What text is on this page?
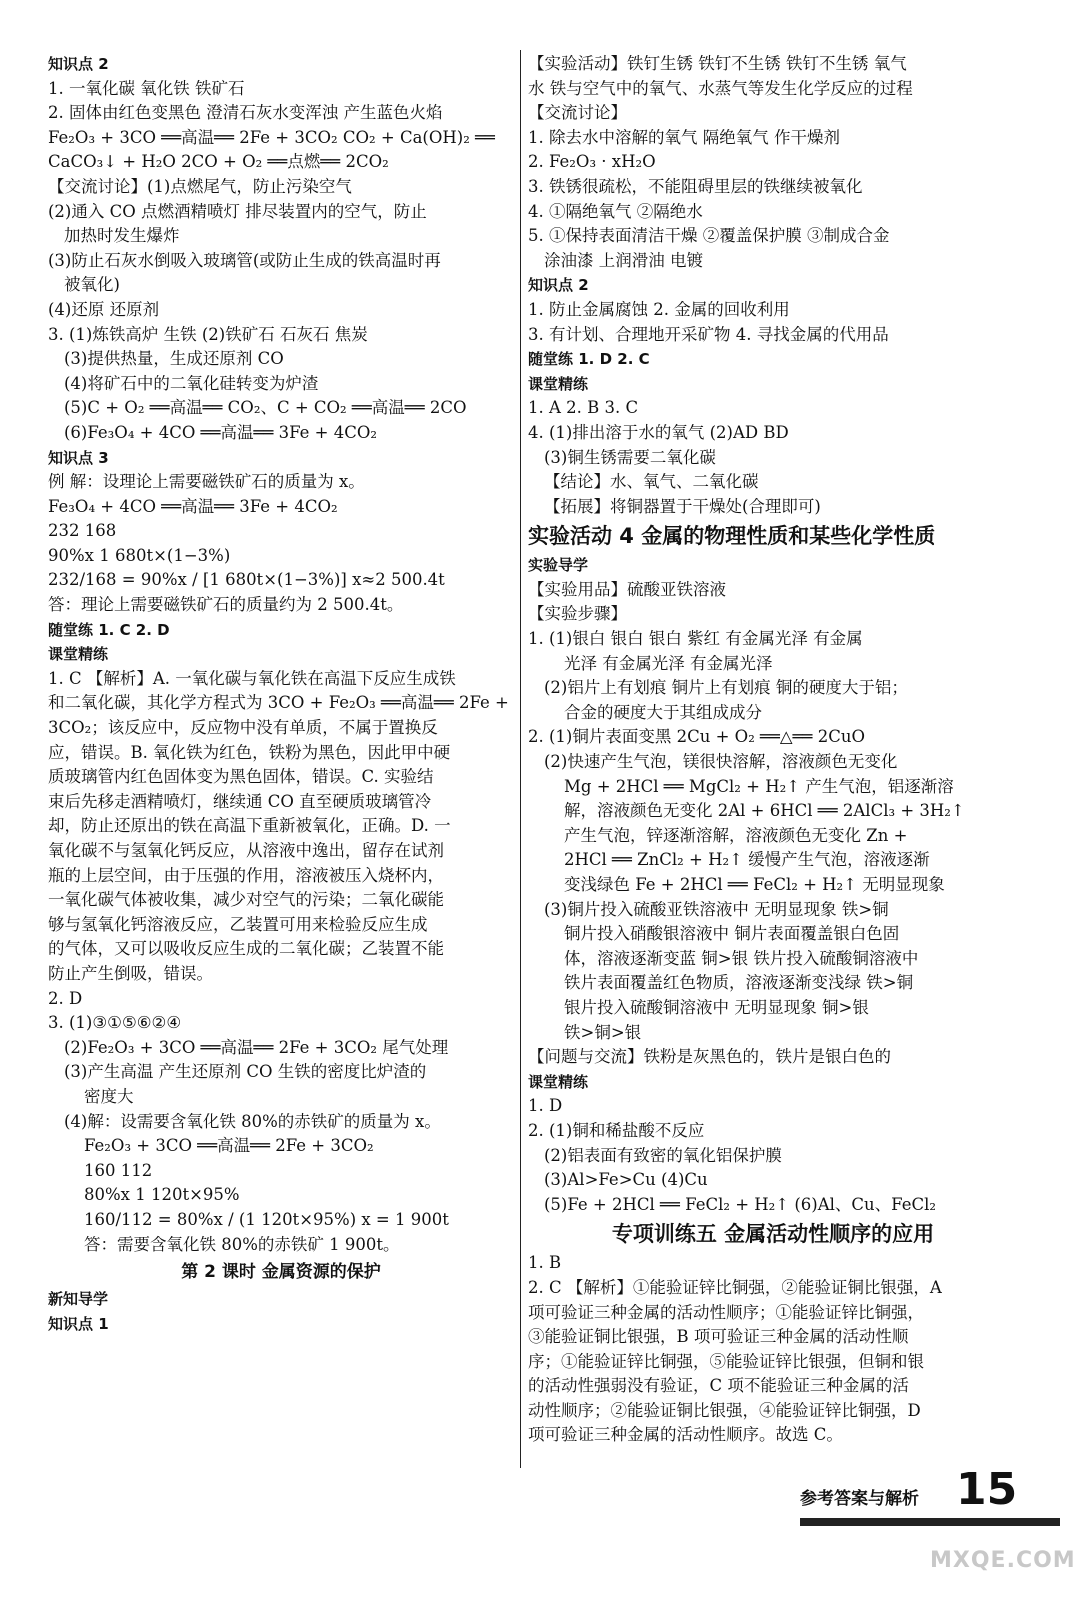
知识点 2
1. 一氧化碳 氧化铁 铁矿石
2. 固体由红色变黑色 澄清石灰水变浑浊 产生蓝色火焰
Fe₂O₃ + 3CO ══高温══ 2Fe + 3CO₂ CO₂ + Ca(OH)₂ ══
CaCO₃↓ + H₂O 2CO + O₂ ══点燃══ 2CO₂
【交流讨论】(1)点燃尾气，防止污染空气
(2)通入 CO 点燃酒精喷灯 排尽装置内的空气，防止
加热时发生爆炸
(3)防止石灰水倒吸入玻璃管(或防止生成的铁高温时再
被氧化)
(4)还原 还原剂
3. (1)炼铁高炉 生铁 (2)铁矿石 石灰石 焦炭
(3)提供热量，生成还原剂 CO
(4)将矿石中的二氧化硅转变为炉渣
(5)C + O₂ ══高温══ CO₂、C + CO₂ ══高温══ 2CO
(6)Fe₃O₄ + 4CO ══高温══ 3Fe + 4CO₂
知识点 3
例 解：设理论上需要磁铁矿石的质量为 x。
Fe₃O₄ + 4CO ══高温══ 3Fe + 4CO₂
232 168
90%x 1 680t×(1−3%)
232/168 = 90%x / [1 680t×(1−3%)] x≈2 500.4t
答：理论上需要磁铁矿石的质量约为 2 500.4t。
随堂练 1. C 2. D
课堂精练
1. C 【解析】A. 一氧化碳与氧化铁在高温下反应生成铁
和二氧化碳，其化学方程式为 3CO + Fe₂O₃ ══高温══ 2Fe +
3CO₂；该反应中，反应物中没有单质，不属于置换反
应，错误。B. 氧化铁为红色，铁粉为黑色，因此甲中硬
质玻璃管内红色固体变为黑色固体，错误。C. 实验结
束后先移走酒精喷灯，继续通 CO 直至硬质玻璃管冷
却，防止还原出的铁在高温下重新被氧化，正确。D. 一
氧化碳不与氢氧化钙反应，从溶液中逸出，留存在试剂
瓶的上层空间，由于压强的作用，溶液被压入烧杯内，
一氧化碳气体被收集，减少对空气的污染；二氧化碳能
够与氢氧化钙溶液反应，乙装置可用来检验反应生成
的气体，又可以吸收反应生成的二氧化碳；乙装置不能
防止产生倒吸，错误。
2. D
3. (1)③①⑤⑥②④
(2)Fe₂O₃ + 3CO ══高温══ 2Fe + 3CO₂ 尾气处理
(3)产生高温 产生还原剂 CO 生铁的密度比炉渣的
密度大
(4)解：设需要含氧化铁 80%的赤铁矿的质量为 x。
Fe₂O₃ + 3CO ══高温══ 2Fe + 3CO₂
160 112
80%x 1 120t×95%
160/112 = 80%x / (1 120t×95%) x = 1 900t
答：需要含氧化铁 80%的赤铁矿 1 900t。
第 2 课时 金属资源的保护
新知导学
知识点 1
【实验活动】铁钉生锈 铁钉不生锈 铁钉不生锈 氧气
水 铁与空气中的氧气、水蒸气等发生化学反应的过程
【交流讨论】
1. 除去水中溶解的氧气 隔绝氧气 作干燥剂
2. Fe₂O₃ · xH₂O
3. 铁锈很疏松，不能阻碍里层的铁继续被氧化
4. ①隔绝氧气 ②隔绝水
5. ①保持表面清洁干燥 ②覆盖保护膜 ③制成合金
涂油漆 上润滑油 电镀
知识点 2
1. 防止金属腐蚀 2. 金属的回收利用
3. 有计划、合理地开采矿物 4. 寻找金属的代用品
随堂练 1. D 2. C
课堂精练
1. A 2. B 3. C
4. (1)排出溶于水的氧气 (2)AD BD
(3)铜生锈需要二氧化碳
【结论】水、氧气、二氧化碳
【拓展】将铜器置于干燥处(合理即可)
实验活动 4 金属的物理性质和某些化学性质
实验导学
【实验用品】硫酸亚铁溶液
【实验步骤】
1. (1)银白 银白 银白 紫红 有金属光泽 有金属
光泽 有金属光泽 有金属光泽
(2)铝片上有划痕 铜片上有划痕 铜的硬度大于铝；
合金的硬度大于其组成成分
2. (1)铜片表面变黑 2Cu + O₂ ══△══ 2CuO
(2)快速产生气泡，镁很快溶解，溶液颜色无变化
Mg + 2HCl ══ MgCl₂ + H₂↑ 产生气泡，铝逐渐溶
解，溶液颜色无变化 2Al + 6HCl ══ 2AlCl₃ + 3H₂↑
产生气泡，锌逐渐溶解，溶液颜色无变化 Zn +
2HCl ══ ZnCl₂ + H₂↑ 缓慢产生气泡，溶液逐渐
变浅绿色 Fe + 2HCl ══ FeCl₂ + H₂↑ 无明显现象
(3)铜片投入硫酸亚铁溶液中 无明显现象 铁>铜
铜片投入硝酸银溶液中 铜片表面覆盖银白色固
体，溶液逐渐变蓝 铜>银 铁片投入硫酸铜溶液中
铁片表面覆盖红色物质，溶液逐渐变浅绿 铁>铜
银片投入硫酸铜溶液中 无明显现象 铜>银
铁>铜>银
【问题与交流】铁粉是灰黑色的，铁片是银白色的
课堂精练
1. D
2. (1)铜和稀盐酸不反应
(2)铝表面有致密的氧化铝保护膜
(3)Al>Fe>Cu (4)Cu
(5)Fe + 2HCl ══ FeCl₂ + H₂↑ (6)Al、Cu、FeCl₂
专项训练五 金属活动性顺序的应用
1. B
2. C 【解析】①能验证锌比铜强，②能验证铜比银强，A
项可验证三种金属的活动性顺序；①能验证锌比铜强，
③能验证铜比银强，B 项可验证三种金属的活动性顺
序；①能验证锌比铜强，⑤能验证锌比银强，但铜和银
的活动性强弱没有验证，C 项不能验证三种金属的活
动性顺序；②能验证铜比银强，④能验证锌比铜强，D
项可验证三种金属的活动性顺序。故选 C。
参考答案与解析 15
MXQE.COM
